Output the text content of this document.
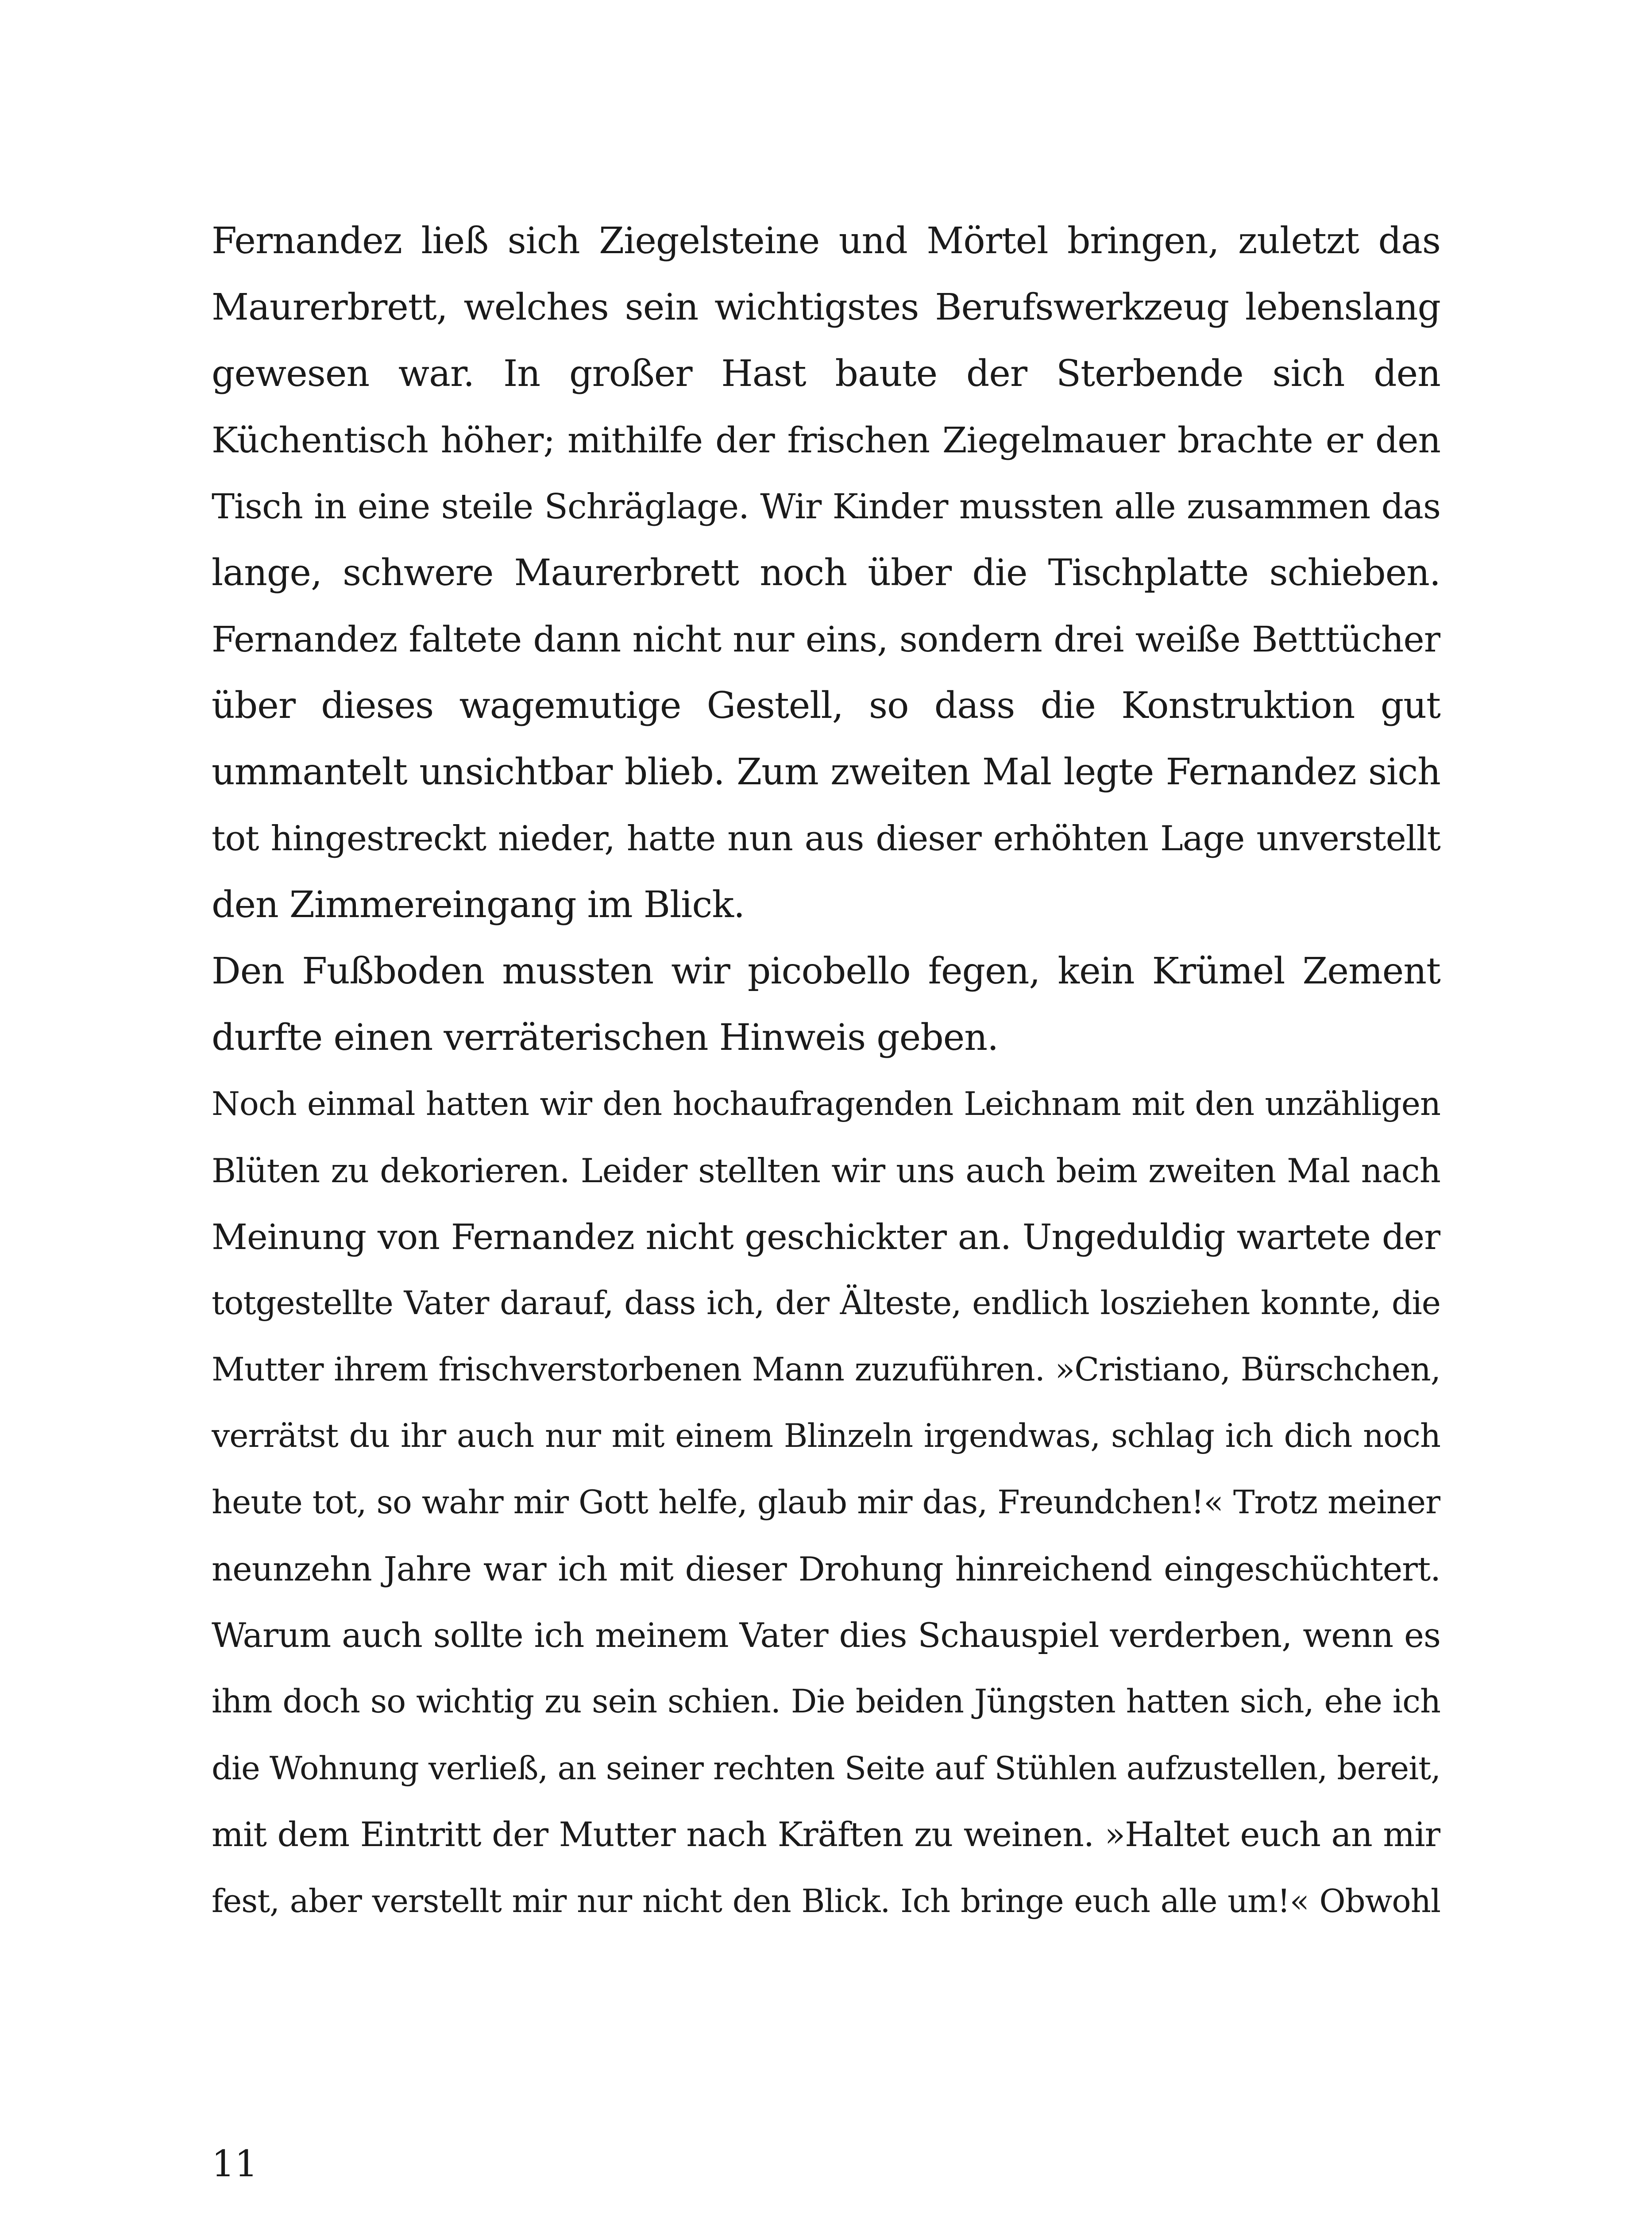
Fernandez ließ sich Ziegelsteine und Mörtel bringen, zuletzt das
Maurerbrett, welches sein wichtigstes Berufswerkzeug lebenslang
gewesen war. In großer Hast baute der Sterbende sich den
Küchentisch höher; mithilfe der frischen Ziegelmauer brachte er den
Tisch in eine steile Schräglage. Wir Kinder mussten alle zusammen das
lange, schwere Maurerbrett noch über die Tischplatte schieben.
Fernandez faltete dann nicht nur eins, sondern drei weiße Betttücher
über dieses wagemutige Gestell, so dass die Konstruktion gut
ummantelt unsichtbar blieb. Zum zweiten Mal legte Fernandez sich
tot hingestreckt nieder, hatte nun aus dieser erhöhten Lage unverstellt
den Zimmereingang im Blick.
Den Fußboden mussten wir picobello fegen, kein Krümel Zement
durfte einen verräterischen Hinweis geben.
Noch einmal hatten wir den hochaufragenden Leichnam mit den unzähligen
Blüten zu dekorieren. Leider stellten wir uns auch beim zweiten Mal nach
Meinung von Fernandez nicht geschickter an. Ungeduldig wartete der
totgestellte Vater darauf, dass ich, der Älteste, endlich losziehen konnte, die
Mutter ihrem frischverstorbenen Mann zuzuführen. »Cristiano, Bürschchen,
verrätst du ihr auch nur mit einem Blinzeln irgendwas, schlag ich dich noch
heute tot, so wahr mir Gott helfe, glaub mir das, Freundchen!« Trotz meiner
neunzehn Jahre war ich mit dieser Drohung hinreichend eingeschüchtert.
Warum auch sollte ich meinem Vater dies Schauspiel verderben, wenn es
ihm doch so wichtig zu sein schien. Die beiden Jüngsten hatten sich, ehe ich
die Wohnung verließ, an seiner rechten Seite auf Stühlen aufzustellen, bereit,
mit dem Eintritt der Mutter nach Kräften zu weinen. »Haltet euch an mir
fest, aber verstellt mir nur nicht den Blick. Ich bringe euch alle um!« Obwohl
11
